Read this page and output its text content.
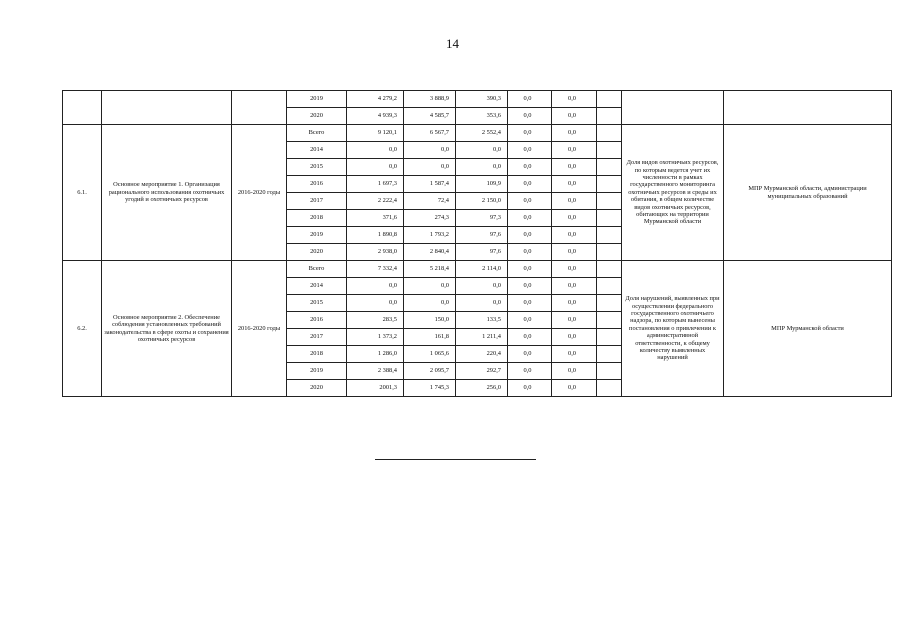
14
			2019	4 279,2	3 888,9	390,3	0,0	0,0			
			2020	4 939,3	4 585,7	353,6	0,0	0,0			
6.1.	Основное мероприятие 1. Организация рационального использования охотничьих угодий и охотничьих ресурсов	2016-2020 годы	Всего	9 120,1	6 567,7	2 552,4	0,0	0,0		Доля видов охотничьих ресурсов, по которым ведется учет их численности в рамках государственного мониторинга охотничьих ресурсов и среды их обитания, в общем количестве видов охотничьих ресурсов, обитающих на территории Мурманской области	МПР Мурманской области, администрации муниципальных образований
			2014	0,0	0,0	0,0	0,0	0,0			
			2015	0,0	0,0	0,0	0,0	0,0			
			2016	1 697,3	1 587,4	109,9	0,0	0,0			
			2017	2 222,4	72,4	2 150,0	0,0	0,0			
			2018	371,6	274,3	97,3	0,0	0,0			
			2019	1 890,8	1 793,2	97,6	0,0	0,0			
			2020	2 938,0	2 840,4	97,6	0,0	0,0			
6.2.	Основное мероприятие 2. Обеспечение соблюдения установленных требований законодательства в сфере охоты и сохранения охотничьих ресурсов	2016-2020 годы	Всего	7 332,4	5 218,4	2 114,0	0,0	0,0		Доля нарушений, выявленных при осуществлении федерального государственного охотничьего надзора, по которым вынесены постановления о привлечении к административной ответственности, к общему количеству выявленных нарушений	МПР Мурманской области
			2014	0,0	0,0	0,0	0,0	0,0			
			2015	0,0	0,0	0,0	0,0	0,0			
			2016	283,5	150,0	133,5	0,0	0,0			
			2017	1 373,2	161,8	1 211,4	0,0	0,0			
			2018	1 286,0	1 065,6	220,4	0,0	0,0			
			2019	2 388,4	2 095,7	292,7	0,0	0,0			
			2020	2001,3	1 745,3	256,0	0,0	0,0			
